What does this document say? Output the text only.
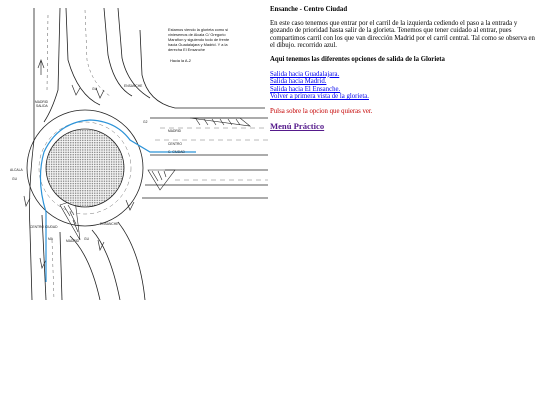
MADRID
SALIDA
GU
ENSANCHE
G2
MADRID
CENTRO
C. CIUDAD
ALCALA
GU
CENTRO CIUDAD
ENSANCHE
MADRID GU
MA
Estamos viendo la glorieta como si
viniesemos de Alcala C/ Gregorio
Marañon y siguiendo todo de frente
hacia Guadalajara y Madrid. Y a la
derecha El Ensanche
Hacia la A-2

Ensanche - Centro Ciudad

En este caso tenemos que entrar por el carril de la izquierda cediendo el paso a la entrada y gozando de prioridad hasta salir de la glorieta. Tenemos que tener cuidado al entrar, pues compartimos carril con los que van dirección Madrid por el carril central. Tal como se observa en el dibujo. recorrido azul.

Aqui tenemos las diferentes opciones de salida de la Glorieta

Salida hacia Guadalajara.
Salida hacia Madrid.
Salida hacia El Ensanche.
Volver a primera vista de la glorieta.

Pulsa sobre la opcion que quieras ver.

Menú Práctico
